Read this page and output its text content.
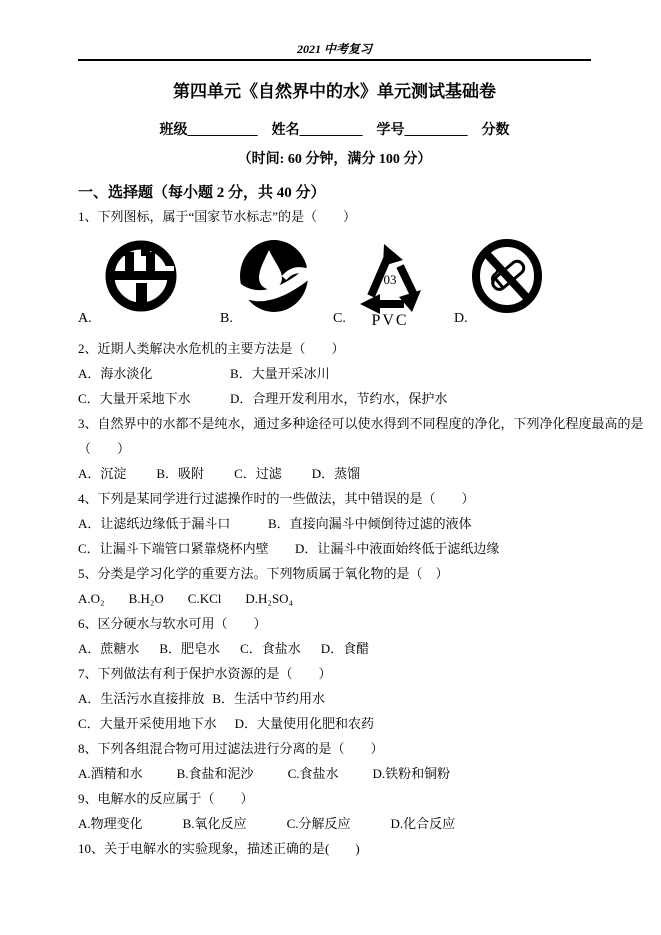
2021 中考复习
第四单元《自然界中的水》单元测试基础卷
班级__________ 姓名_________ 学号_________ 分数
（时间: 60 分钟，满分 100 分）
一、选择题（每小题 2 分，共 40 分）
1、下列图标，属于“国家节水标志”的是（　　）
A.	B.
03
PVC
C.	D.
2、近期人类解决水危机的主要方法是（　　）
A．海水淡化	B．大量开采冰川
C．大量开采地下水	D．合理开发利用水，节约水，保护水
3、自然界中的水都不是纯水，通过多种途径可以使水得到不同程度的净化，下列净化程度最高的是
（　　）
A．沉淀 B．吸附 C．过滤 D．蒸馏
4、下列是某同学进行过滤操作时的一些做法，其中错误的是（　　）
A．让滤纸边缘低于漏斗口	B．直接向漏斗中倾倒待过滤的液体
C．让漏斗下端管口紧靠烧杯内壁 D．让漏斗中液面始终低于滤纸边缘
5、分类是学习化学的重要方法。下列物质属于氧化物的是（　）
A.O₂ B.H₂O C.KCl D.H₂SO₄
6、区分硬水与软水可用（　　）
A．蔗糖水 B．肥皂水 C．食盐水 D．食醋
7、下列做法有利于保护水资源的是（　　）
A．生活污水直接排放 B．生活中节约用水
C．大量开采使用地下水 D．大量使用化肥和农药
8、下列各组混合物可用过滤法进行分离的是（　　）
A.酒精和水	B.食盐和泥沙	C.食盐水	D.铁粉和铜粉
9、电解水的反应属于（　　）
A.物理变化	B.氧化反应	C.分解反应	D.化合反应
10、关于电解水的实验现象，描述正确的是(　　)
